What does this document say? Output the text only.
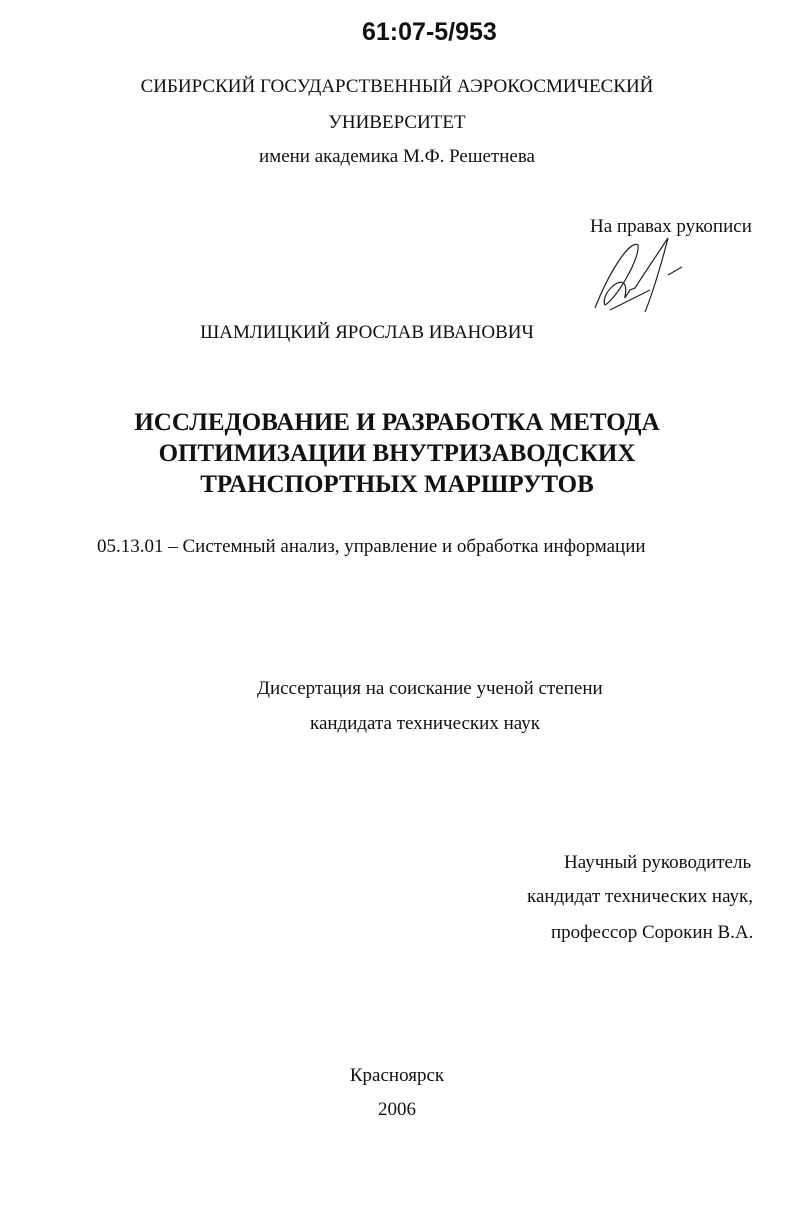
61:07-5/953
СИБИРСКИЙ ГОСУДАРСТВЕННЫЙ АЭРОКОСМИЧЕСКИЙ
УНИВЕРСИТЕТ
имени академика М.Ф. Решетнева
На правах рукописи
ШАМЛИЦКИЙ ЯРОСЛАВ ИВАНОВИЧ
ИССЛЕДОВАНИЕ И РАЗРАБОТКА МЕТОДА
ОПТИМИЗАЦИИ ВНУТРИЗАВОДСКИХ
ТРАНСПОРТНЫХ МАРШРУТОВ
05.13.01 – Системный анализ, управление и обработка информации
Диссертация на соискание ученой степени
кандидата технических наук
Научный руководитель
кандидат технических наук,
профессор Сорокин В.А.
Красноярск
2006
